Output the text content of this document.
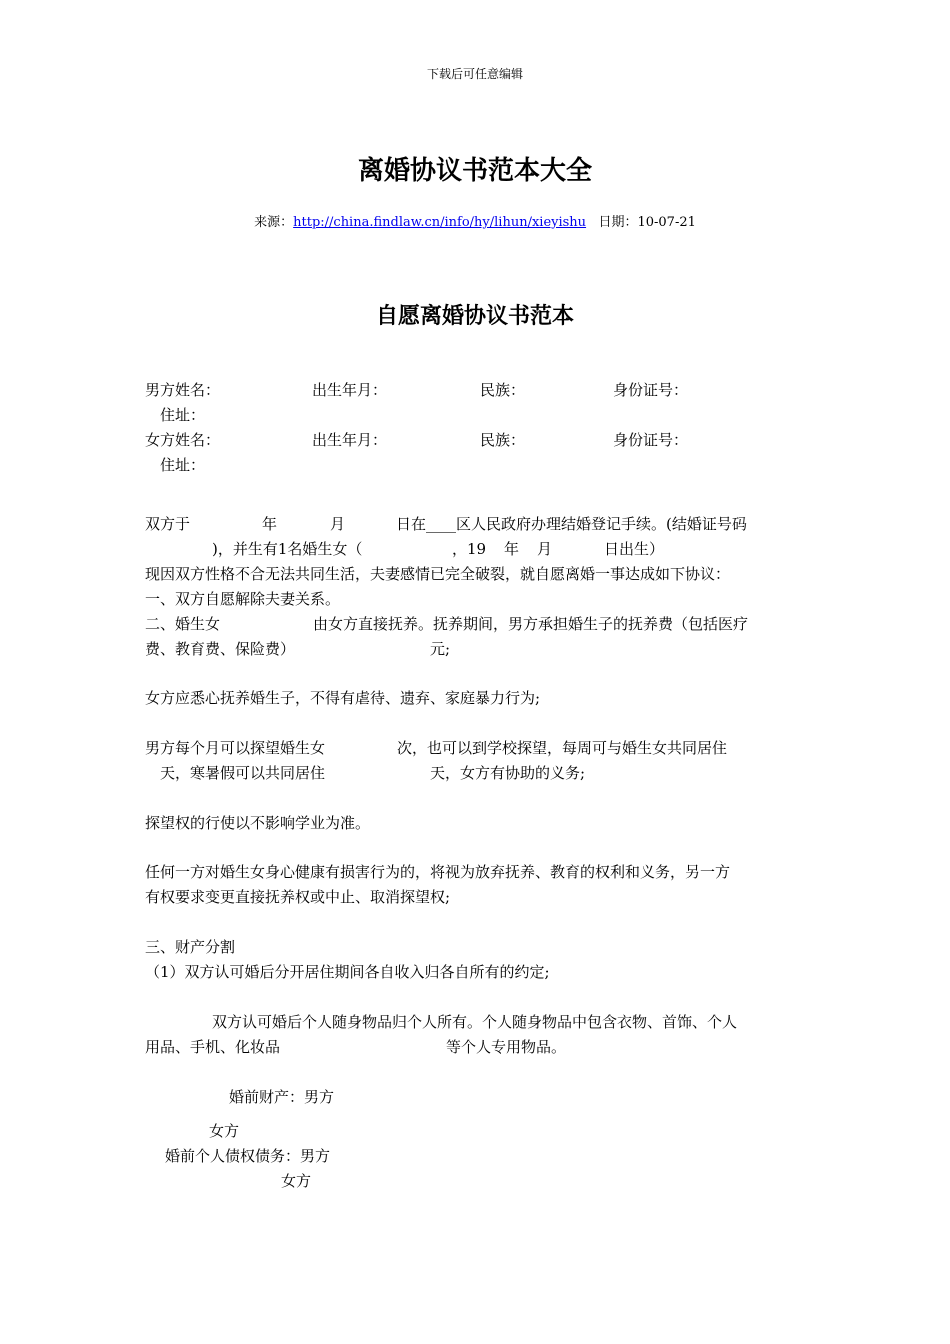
下载后可任意编辑
离婚协议书范本大全
来源：http://china.findlaw.cn/info/hy/lihun/xieyishu 日期：10-07-21
自愿离婚协议书范本
男方姓名：	出生年月：	民族：	身份证号：
住址：
女方姓名：	出生年月：	民族：	身份证号：
住址：
双方于	年	月	日在____区人民政府办理结婚登记手续。(结婚证号码
)，并生有1名婚生女（	，19 年 月	日出生）
现因双方性格不合无法共同生活，夫妻感情已完全破裂，就自愿离婚一事达成如下协议：
一、双方自愿解除夫妻关系。
二、婚生女	由女方直接抚养。抚养期间，男方承担婚生子的抚养费（包括医疗
费、教育费、保险费）	元;
女方应悉心抚养婚生子，不得有虐待、遗弃、家庭暴力行为;
男方每个月可以探望婚生女	次，也可以到学校探望，每周可与婚生女共同居住
天，寒暑假可以共同居住	天，女方有协助的义务;
探望权的行使以不影响学业为准。
任何一方对婚生女身心健康有损害行为的，将视为放弃抚养、教育的权利和义务，另一方
有权要求变更直接抚养权或中止、取消探望权;
三、财产分割
（1）双方认可婚后分开居住期间各自收入归各自所有的约定;
双方认可婚后个人随身物品归个人所有。个人随身物品中包含衣物、首饰、个人
用品、手机、化妆品	等个人专用物品。
婚前财产：男方
女方
婚前个人债权债务：男方
女方
